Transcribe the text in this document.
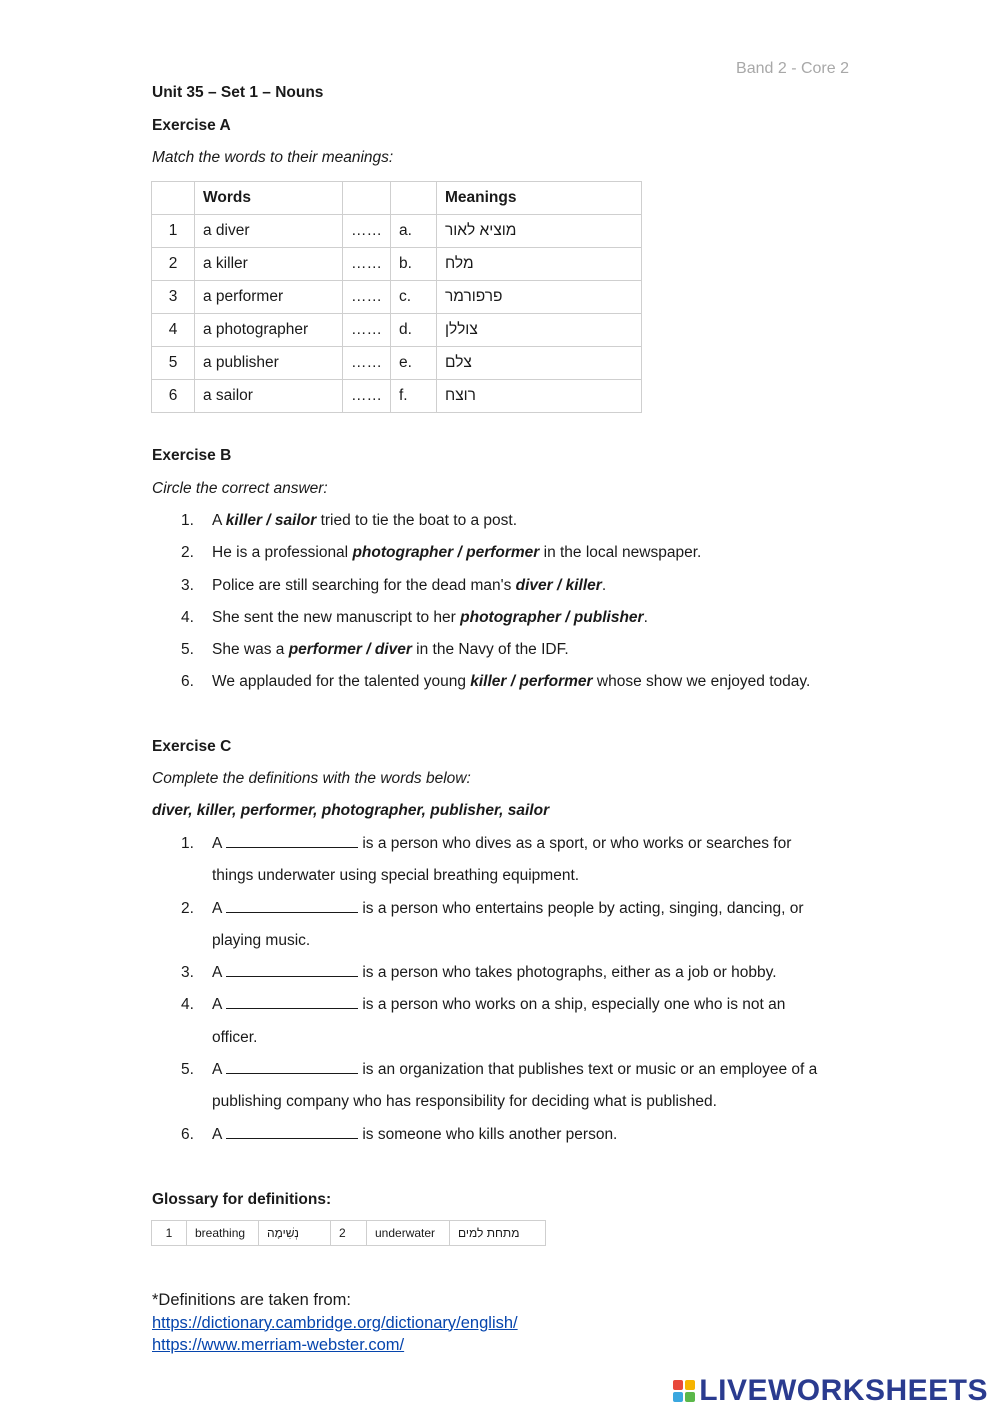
Band 2 - Core 2
Unit 35 – Set 1 – Nouns
Exercise A
Match the words to their meanings:
	Words			Meanings
1	a diver	……	a.	מוציא לאור
2	a killer	……	b.	מלח
3	a performer	……	c.	פרפורמר
4	a photographer	……	d.	צוללן
5	a publisher	……	e.	צלם
6	a sailor	……	f.	רוצח
Exercise B
Circle the correct answer:
1. A killer / sailor tried to tie the boat to a post.
2. He is a professional photographer / performer in the local newspaper.
3. Police are still searching for the dead man's diver / killer.
4. She sent the new manuscript to her photographer / publisher.
5. She was a performer / diver in the Navy of the IDF.
6. We applauded for the talented young killer / performer whose show we enjoyed today.
Exercise C
Complete the definitions with the words below:
diver, killer, performer, photographer, publisher, sailor
1. A	is a person who dives as a sport, or who works or searches for
things underwater using special breathing equipment.
2. A	is a person who entertains people by acting, singing, dancing, or
playing music.
3. A	is a person who takes photographs, either as a job or hobby.
4. A	is a person who works on a ship, especially one who is not an
officer.
5. A	is an organization that publishes text or music or an employee of a
publishing company who has responsibility for deciding what is published.
6. A	is someone who kills another person.
Glossary for definitions:
1	breathing	נְשִׁימָה	2	underwater	מתחת למים
*Definitions are taken from:
https://dictionary.cambridge.org/dictionary/english/
https://www.merriam-webster.com/
LIVEWORKSHEETS
